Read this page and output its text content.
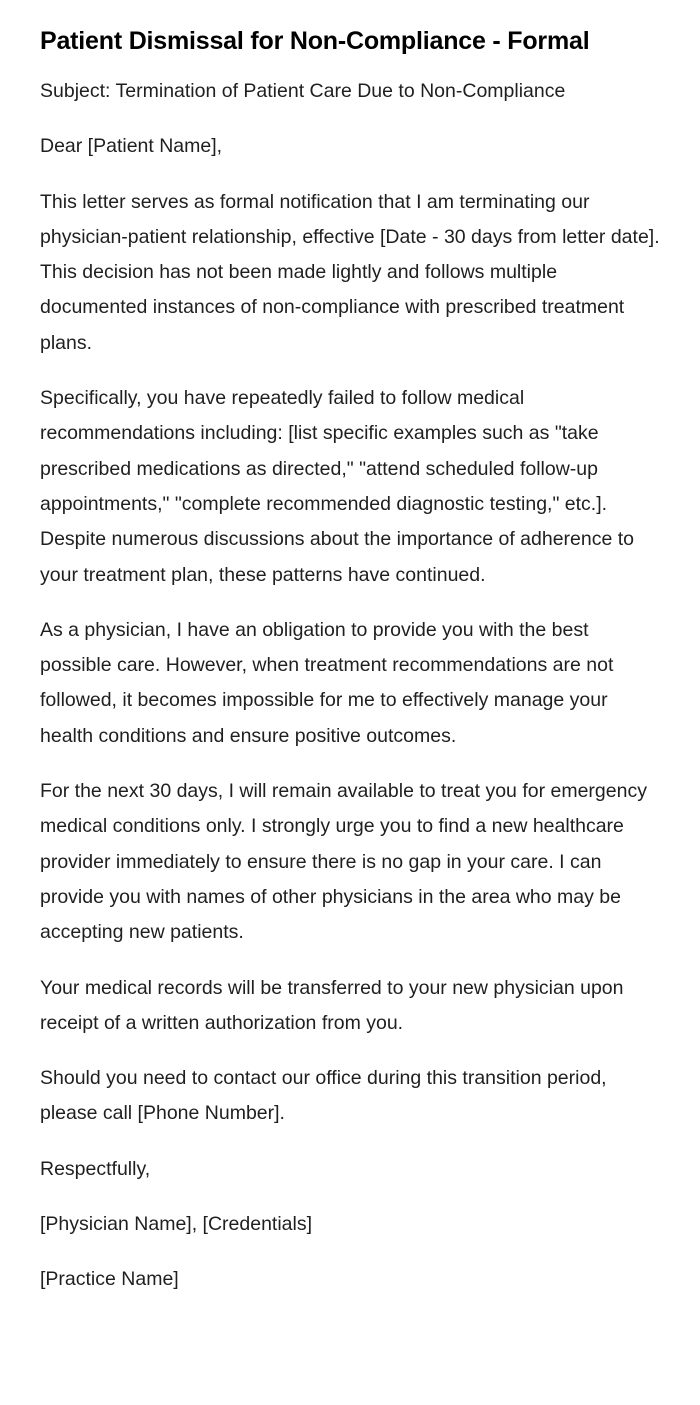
Patient Dismissal for Non-Compliance - Formal

Subject: Termination of Patient Care Due to Non-Compliance

Dear [Patient Name],

This letter serves as formal notification that I am terminating our physician-patient relationship, effective [Date - 30 days from letter date]. This decision has not been made lightly and follows multiple documented instances of non-compliance with prescribed treatment plans.

Specifically, you have repeatedly failed to follow medical recommendations including: [list specific examples such as "take prescribed medications as directed," "attend scheduled follow-up appointments," "complete recommended diagnostic testing," etc.]. Despite numerous discussions about the importance of adherence to your treatment plan, these patterns have continued.

As a physician, I have an obligation to provide you with the best possible care. However, when treatment recommendations are not followed, it becomes impossible for me to effectively manage your health conditions and ensure positive outcomes.

For the next 30 days, I will remain available to treat you for emergency medical conditions only. I strongly urge you to find a new healthcare provider immediately to ensure there is no gap in your care. I can provide you with names of other physicians in the area who may be accepting new patients.

Your medical records will be transferred to your new physician upon receipt of a written authorization from you.

Should you need to contact our office during this transition period, please call [Phone Number].

Respectfully,

[Physician Name], [Credentials]

[Practice Name]
